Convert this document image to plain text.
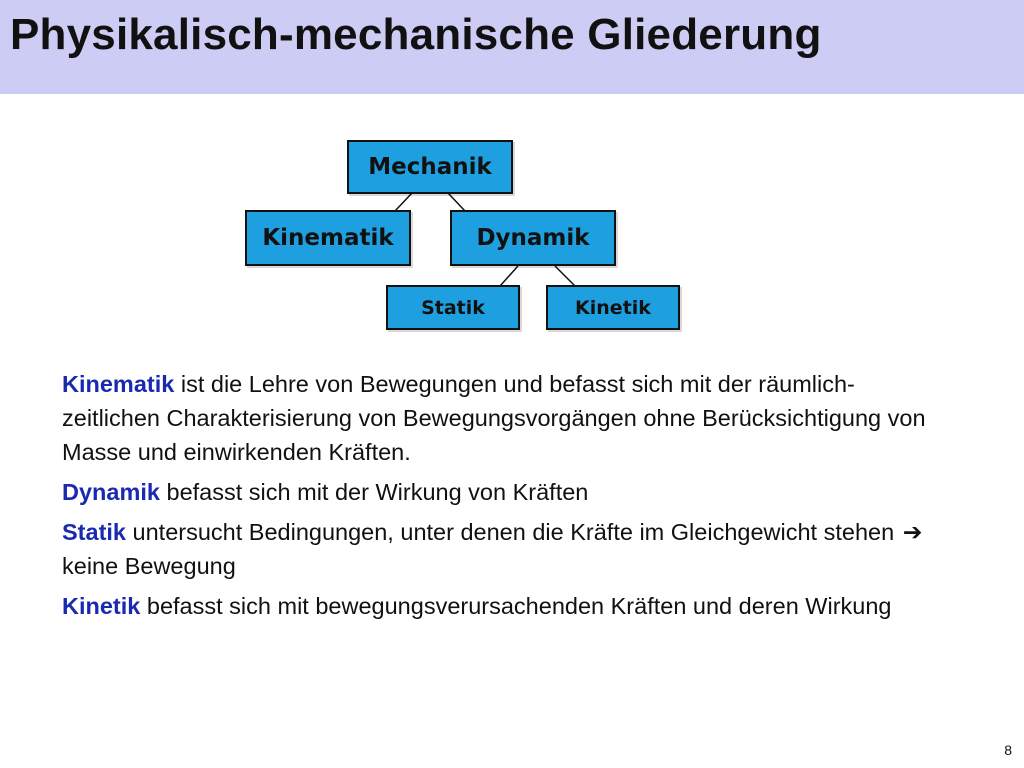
Physikalisch-mechanische Gliederung
Mechanik
Kinematik	Dynamik
Statik	Kinetik

Kinematik ist die Lehre von Bewegungen und befasst sich mit der räumlich-zeitlichen Charakterisierung von Bewegungsvorgängen ohne Berücksichtigung von Masse und einwirkenden Kräften.

Dynamik befasst sich mit der Wirkung von Kräften

Statik untersucht Bedingungen, unter denen die Kräfte im Gleichgewicht stehen ➔ keine Bewegung

Kinetik befasst sich mit bewegungsverursachenden Kräften und deren Wirkung

8
